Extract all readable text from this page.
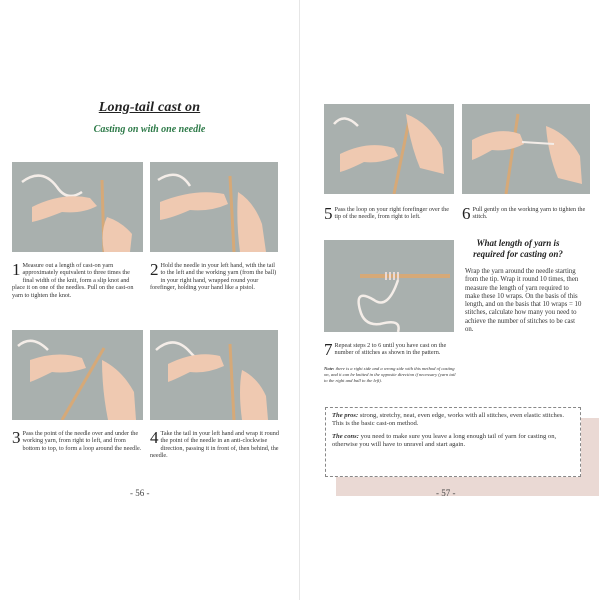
Long-tail cast on
Casting on with one needle
1 Measure out a length of cast-on yarn approximately equivalent to three times the final width of the knit, form a slip knot and place it on one of the needles. Pull on the cast-on yarn to tighten the knot.
2 Hold the needle in your left hand, with the tail to the left and the working yarn (from the ball) in your right hand, wrapped round your forefinger, holding your hand like a pistol.
3 Pass the point of the needle over and under the working yarn, from right to left, and from bottom to top, to form a loop around the needle.
4 Take the tail in your left hand and wrap it round the point of the needle in an anti-clockwise direction, passing it in front of, then behind, the needle.
- 56 -
5 Pass the loop on your right forefinger over the tip of the needle, from right to left.	6 Pull gently on the working yarn to tighten the stitch.
7 Repeat steps 2 to 6 until you have cast on the number of stitches as shown in the pattern.
Note: there is a right side and a wrong side with this method of casting on, and it can be knitted in the opposite direction if necessary (yarn tail to the right and ball to the left).
What length of yarn is
required for casting on?
Wrap the yarn around the needle starting from the tip. Wrap it round 10 times, then measure the length of yarn required to make these 10 wraps. On the basis of this length, and on the basis that 10 wraps = 10 stitches, calculate how many you need to achieve the number of stitches to be cast on.

The pros: strong, stretchy, neat, even edge, works with all stitches, even elastic stitches. This is the basic cast-on method.

The cons: you need to make sure you leave a long enough tail of yarn for casting on, otherwise you will have to unravel and start again.

- 57 -
